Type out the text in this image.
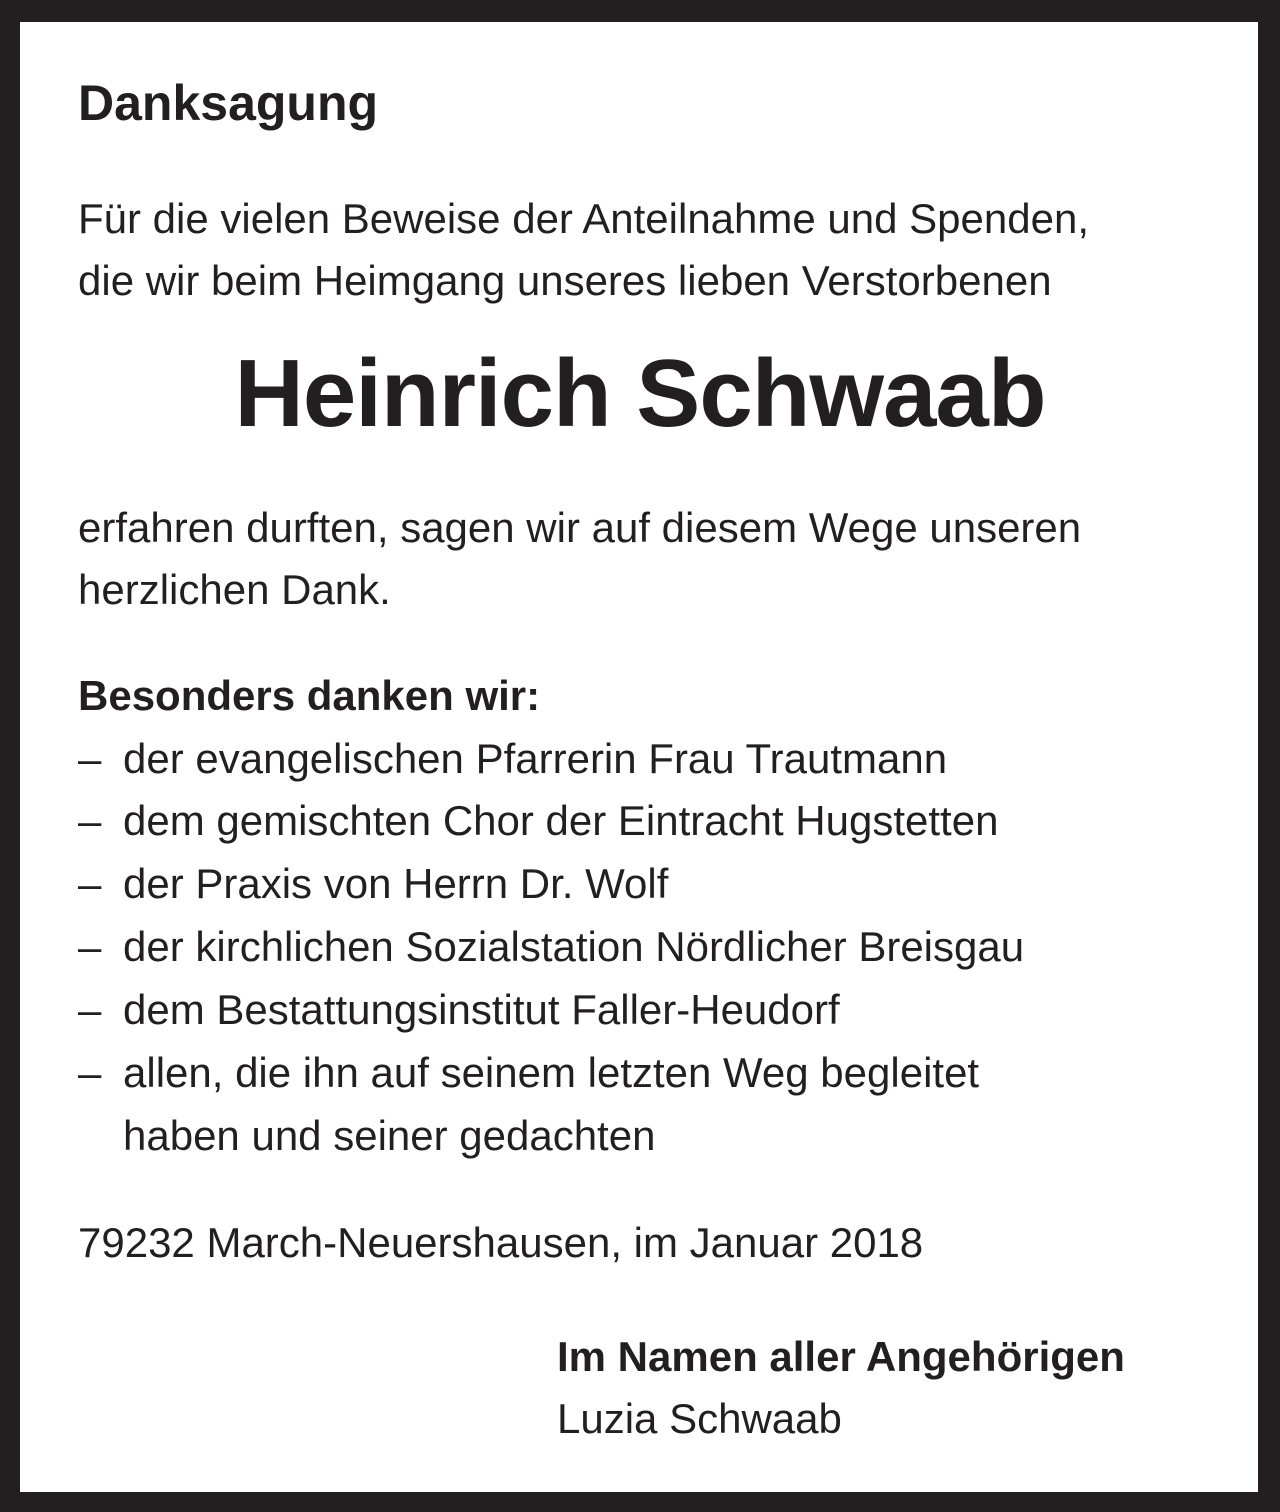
Danksagung

Für die vielen Beweise der Anteilnahme und Spenden,

die wir beim Heimgang unseres lieben Verstorbenen

Heinrich Schwaab

erfahren durften, sagen wir auf diesem Wege unseren

herzlichen Dank.

Besonders danken wir:

– der evangelischen Pfarrerin Frau Trautmann
– dem gemischten Chor der Eintracht Hugstetten
– der Praxis von Herrn Dr. Wolf
– der kirchlichen Sozialstation Nördlicher Breisgau
– dem Bestattungsinstitut Faller-Heudorf
– allen, die ihn auf seinem letzten Weg begleitet
haben und seiner gedachten

79232 March-Neuershausen, im Januar 2018

Im Namen aller Angehörigen

Luzia Schwaab
